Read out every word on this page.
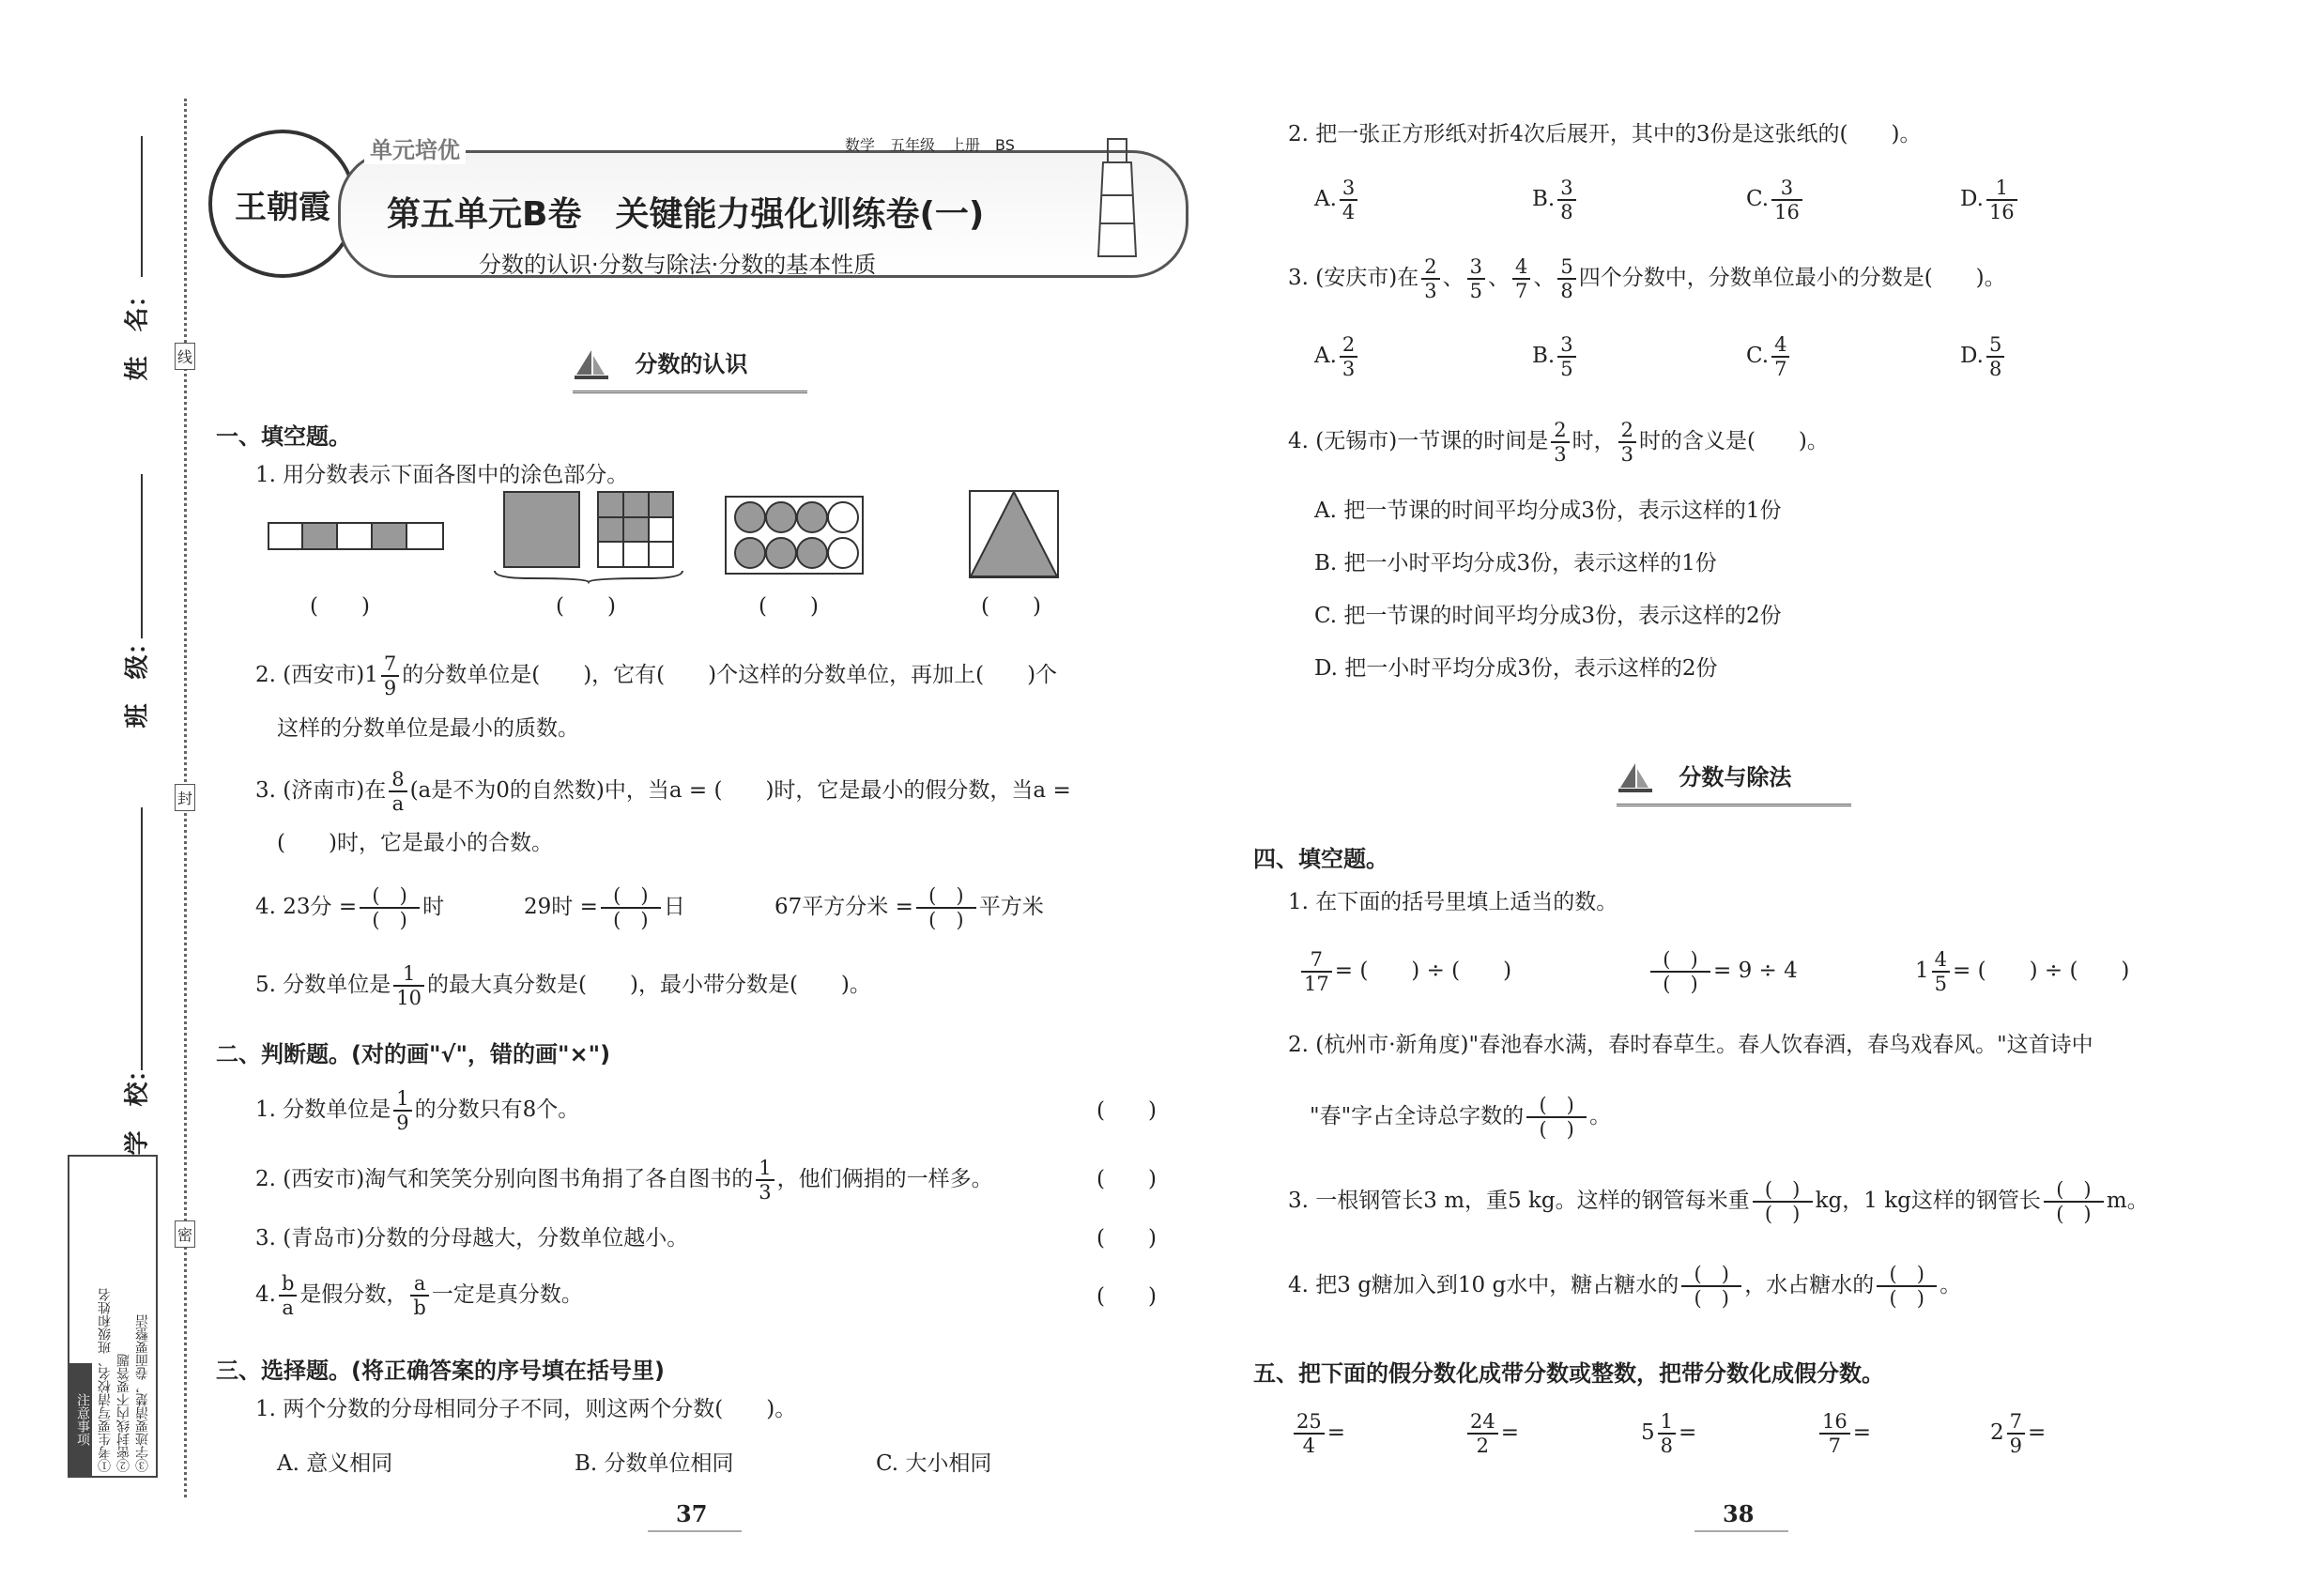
姓　名：
班　级：
学　校：
线
封
密
注意事项 ①考生要写清校名、班级和姓名 ②密封线内不要答题 ③字迹要清楚，卷面要整洁
王朝霞
单元培优	数学　五年级　上册　BS
第五单元B卷　关键能力强化训练卷(一)
分数的认识·分数与除法·分数的基本性质
分数的认识
一、填空题。
1. 用分数表示下面各图中的涂色部分。
(　　)	(　　)	(　　)	(　　)
2. (西安市)$1 \frac{7}{9}$ 的分数单位是(　　)，它有(　　)个这样的分数单位，再加上(　　)个
这样的分数单位是最小的质数。
3. (济南市)在 $\frac{8}{a} (a$是不为0的自然数)中，当a = (　　)时，它是最小的假分数，当a =
(　　)时，它是最小的合数。
4. 23分 = $\frac{( )}{( )}$ 时	29时 = $\frac{( )}{( )}$ 日	67平方分米 = $\frac{( )}{( )}$ 平方米
5. 分数单位是 $\frac{1}{10}$ 的最大真分数是(　　)，最小带分数是(　　)。
二、判断题。(对的画"√"，错的画"×")
1. 分数单位是 $\frac{1}{9}$ 的分数只有8个。	(　　)
2. (西安市)淘气和笑笑分别向图书角捐了各自图书的 $\frac{1}{3}$ ，他们俩捐的一样多。	(　　)
3. (青岛市)分数的分母越大，分数单位越小。	(　　)
4. $\frac{b}{a}$ 是假分数， $\frac{a}{b}$ 一定是真分数。	(　　)
三、选择题。(将正确答案的序号填在括号里)
1. 两个分数的分母相同分子不同，则这两个分数(　　)。
A. 意义相同	B. 分数单位相同	C. 大小相同
37
2. 把一张正方形纸对折4次后展开，其中的3份是这张纸的(　　)。
A. $\frac{3}{4}$	B. $\frac{3}{8}$	C. $\frac{3}{16}$	D. $\frac{1}{16}$
3. (安庆市)在 $\frac{2}{3}$ 、 $\frac{3}{5}$ 、 $\frac{4}{7}$ 、 $\frac{5}{8}$ 四个分数中，分数单位最小的分数是(　　)。
A. $\frac{2}{3}$	B. $\frac{3}{5}$	C. $\frac{4}{7}$	D. $\frac{5}{8}$
4. (无锡市)一节课的时间是 $\frac{2}{3}$ 时， $\frac{2}{3}$ 时的含义是(　　)。
A. 把一节课的时间平均分成3份，表示这样的1份
B. 把一小时平均分成3份，表示这样的1份
C. 把一节课的时间平均分成3份，表示这样的2份
D. 把一小时平均分成3份，表示这样的2份
分数与除法
四、填空题。
1. 在下面的括号里填上适当的数。
$\frac{7}{17}$ = (　　) ÷ (　　)	$\frac{( )}{( )} = 9 \div 4$	$1 \frac{4}{5}$ = (　　) ÷ (　　)
2. (杭州市·新角度)"春池春水满，春时春草生。春人饮春酒，春鸟戏春风。"这首诗中
"春"字占全诗总字数的 $\frac{( )}{( )}$ 。
3. 一根钢管长3 m，重5 kg。这样的钢管每米重 $\frac{( )}{( )}$ kg，1 kg这样的钢管长 $\frac{( )}{( )}$ m。
4. 把3 g糖加入到10 g水中，糖占糖水的 $\frac{( )}{( )}$ ，水占糖水的 $\frac{( )}{( )}$ 。
五、把下面的假分数化成带分数或整数，把带分数化成假分数。
$\frac{25}{4}$ =	$\frac{24}{2}$ =	$5 \frac{1}{8}$ =	$\frac{16}{7}$ =	$2 \frac{7}{9}$ =
38
